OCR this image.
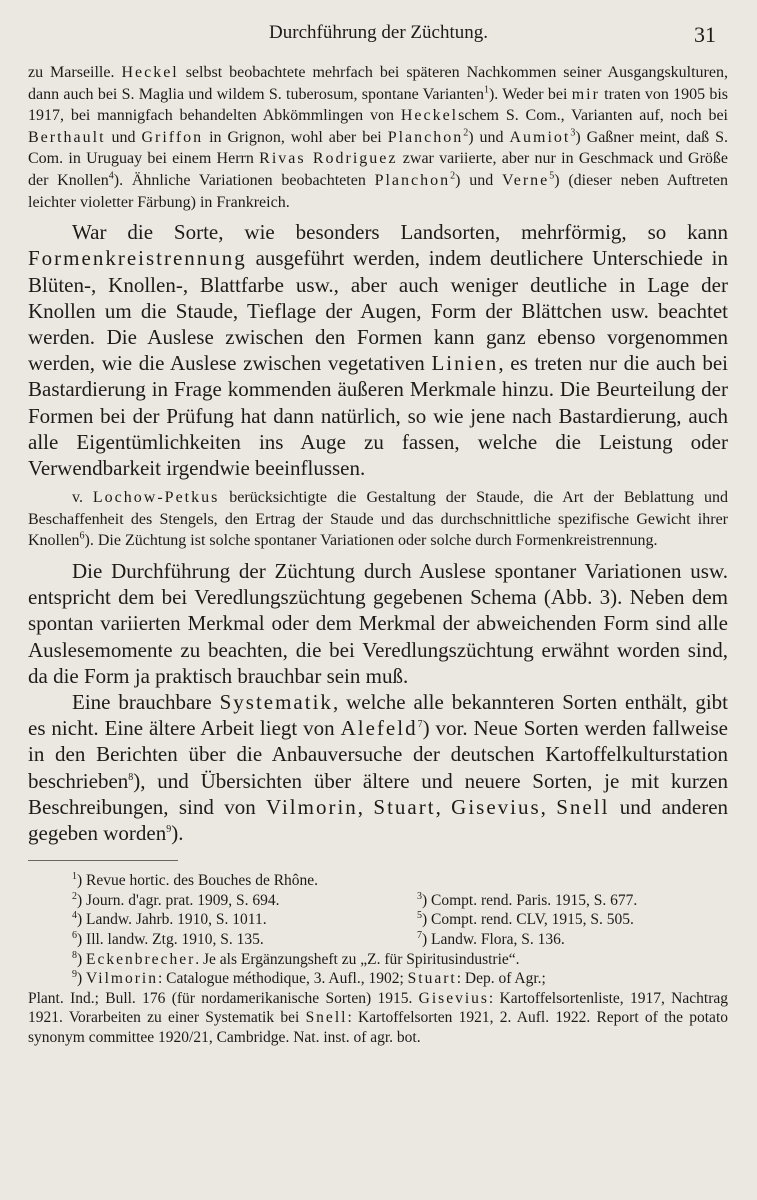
Durchführung der Züchtung.	31

zu Marseille. Heckel selbst beobachtete mehrfach bei späteren Nachkommen seiner Ausgangskulturen, dann auch bei S. Maglia und wildem S. tuberosum, spontane Varianten$^1$). Weder bei mir traten von 1905 bis 1917, bei mannigfach behandelten Abkömmlingen von Heckelschem S. Com., Varianten auf, noch bei Berthault und Griffon in Grignon, wohl aber bei Planchon$^2$) und Aumiot$^3$) Gaßner meint, daß S. Com. in Uruguay bei einem Herrn Rivas Rodriguez zwar variierte, aber nur in Geschmack und Größe der Knollen$^4$). Ähnliche Variationen beobachteten Planchon$^2$) und Verne$^5$) (dieser neben Auftreten leichter violetter Färbung) in Frankreich.

War die Sorte, wie besonders Landsorten, mehrförmig, so kann Formenkreistrennung ausgeführt werden, indem deutlichere Unterschiede in Blüten-, Knollen-, Blattfarbe usw., aber auch weniger deutliche in Lage der Knollen um die Staude, Tieflage der Augen, Form der Blättchen usw. beachtet werden. Die Auslese zwischen den Formen kann ganz ebenso vorgenommen werden, wie die Auslese zwischen vegetativen Linien, es treten nur die auch bei Bastardierung in Frage kommenden äußeren Merkmale hinzu. Die Beurteilung der Formen bei der Prüfung hat dann natürlich, so wie jene nach Bastardierung, auch alle Eigentümlichkeiten ins Auge zu fassen, welche die Leistung oder Verwendbarkeit irgendwie beeinflussen.

v. Lochow-Petkus berücksichtigte die Gestaltung der Staude, die Art der Beblattung und Beschaffenheit des Stengels, den Ertrag der Staude und das durchschnittliche spezifische Gewicht ihrer Knollen$^6$). Die Züchtung ist solche spontaner Variationen oder solche durch Formenkreistrennung.

Die Durchführung der Züchtung durch Auslese spontaner Variationen usw. entspricht dem bei Veredlungszüchtung gegebenen Schema (Abb. 3). Neben dem spontan variierten Merkmal oder dem Merkmal der abweichenden Form sind alle Auslesemomente zu beachten, die bei Veredlungszüchtung erwähnt worden sind, da die Form ja praktisch brauchbar sein muß.

Eine brauchbare Systematik, welche alle bekannteren Sorten enthält, gibt es nicht. Eine ältere Arbeit liegt von Alefeld$^7$) vor. Neue Sorten werden fallweise in den Berichten über die Anbauversuche der deutschen Kartoffelkulturstation beschrieben$^8$), und Übersichten über ältere und neuere Sorten, je mit kurzen Beschreibungen, sind von Vilmorin, Stuart, Gisevius, Snell und anderen gegeben worden$^9$).

$^1$) Revue hortic. des Bouches de Rhône.
$^2$) Journ. d'agr. prat. 1909, S. 694.	$^3$) Compt. rend. Paris. 1915, S. 677.
$^4$) Landw. Jahrb. 1910, S. 1011.	$^5$) Compt. rend. CLV, 1915, S. 505.
$^6$) Ill. landw. Ztg. 1910, S. 135.	$^7$) Landw. Flora, S. 136.
$^8$) Eckenbrecher. Je als Ergänzungsheft zu „Z. für Spiritusindustrie“.
$^9$) Vilmorin: Catalogue méthodique, 3. Aufl., 1902; Stuart: Dep. of Agr.;
Plant. Ind.; Bull. 176 (für nordamerikanische Sorten) 1915. Gisevius: Kartoffelsortenliste, 1917, Nachtrag 1921. Vorarbeiten zu einer Systematik bei Snell: Kartoffelsorten 1921, 2. Aufl. 1922. Report of the potato synonym committee 1920/21, Cambridge. Nat. inst. of agr. bot.
